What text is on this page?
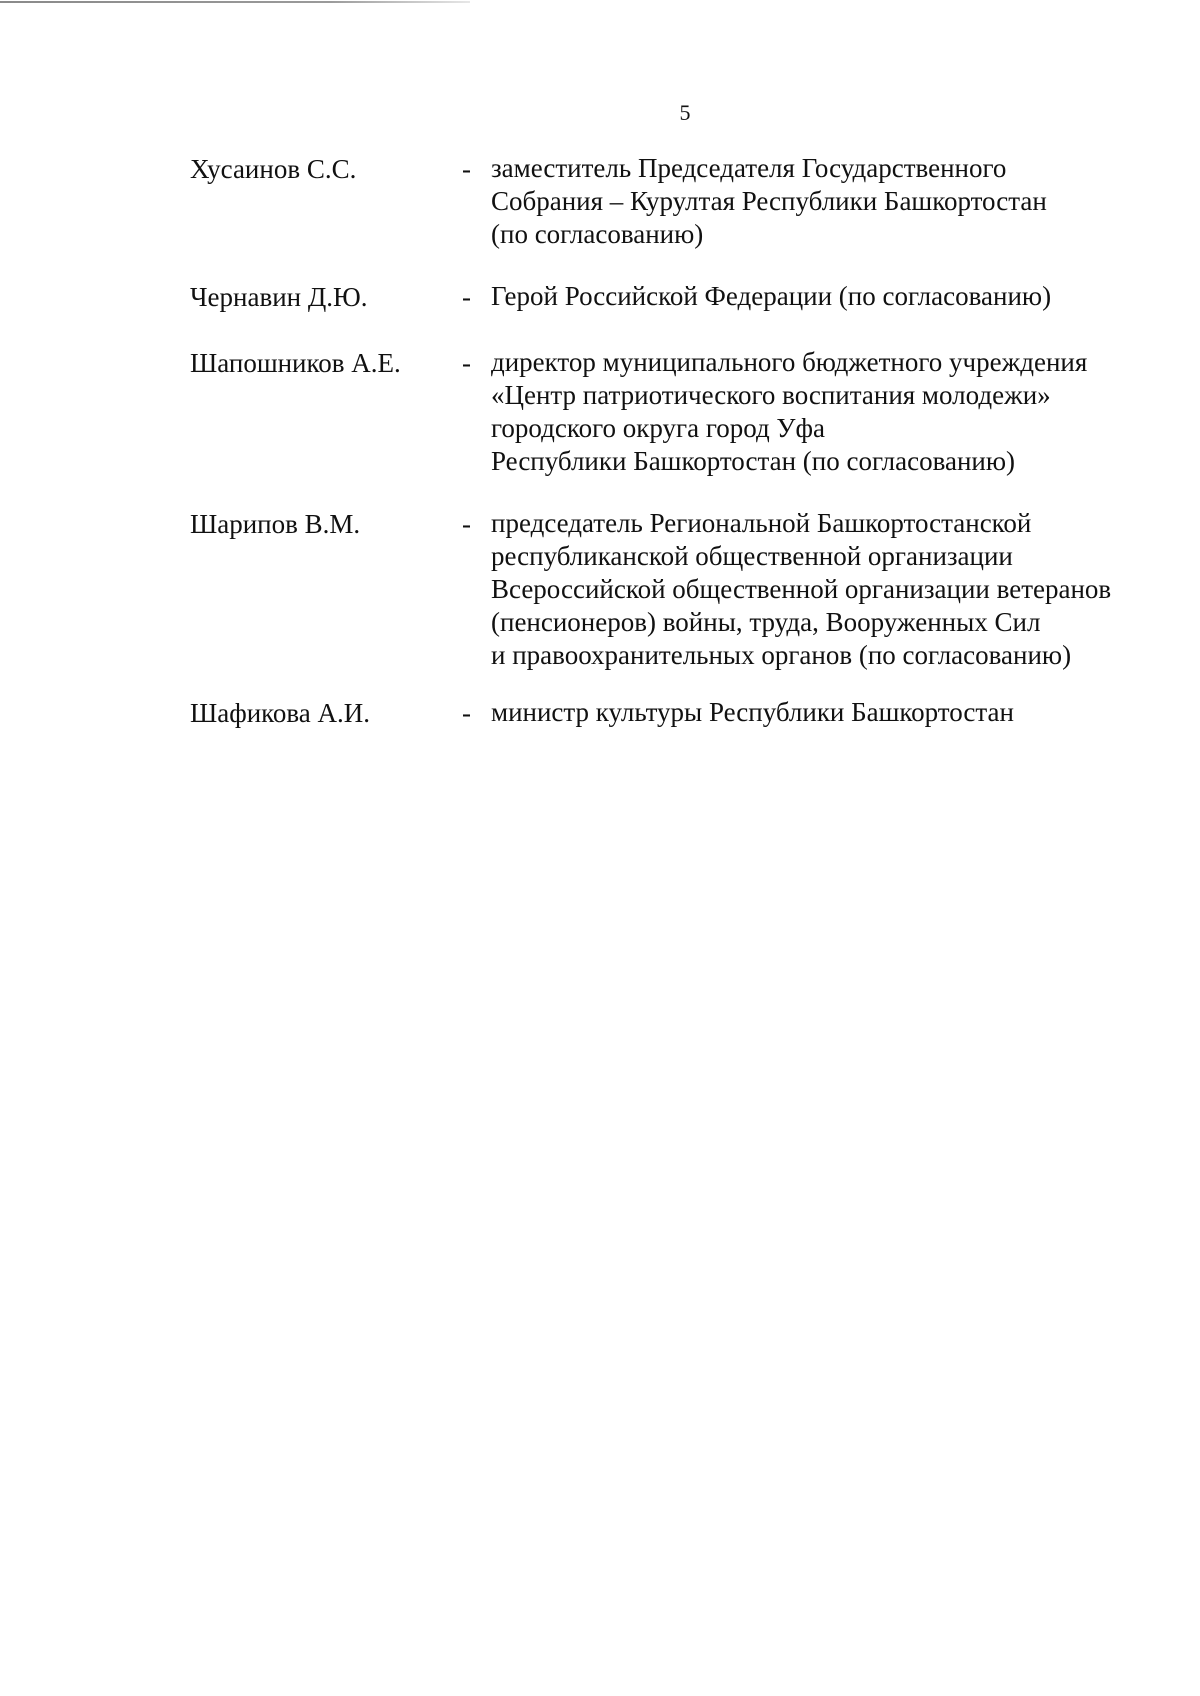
5
Хусаинов С.С.	- заместитель Председателя Государственного
Собрания – Курултая Республики Башкортостан
(по согласованию)
Чернавин Д.Ю.	- Герой Российской Федерации (по согласованию)
Шапошников А.Е. - директор муниципального бюджетного учреждения
«Центр патриотического воспитания молодежи»
городского округа город Уфа
Республики Башкортостан (по согласованию)
Шарипов В.М.	- председатель Региональной Башкортостанской
республиканской общественной организации
Всероссийской общественной организации ветеранов
(пенсионеров) войны, труда, Вооруженных Сил
и правоохранительных органов (по согласованию)
Шафикова А.И.	- министр культуры Республики Башкортостан
